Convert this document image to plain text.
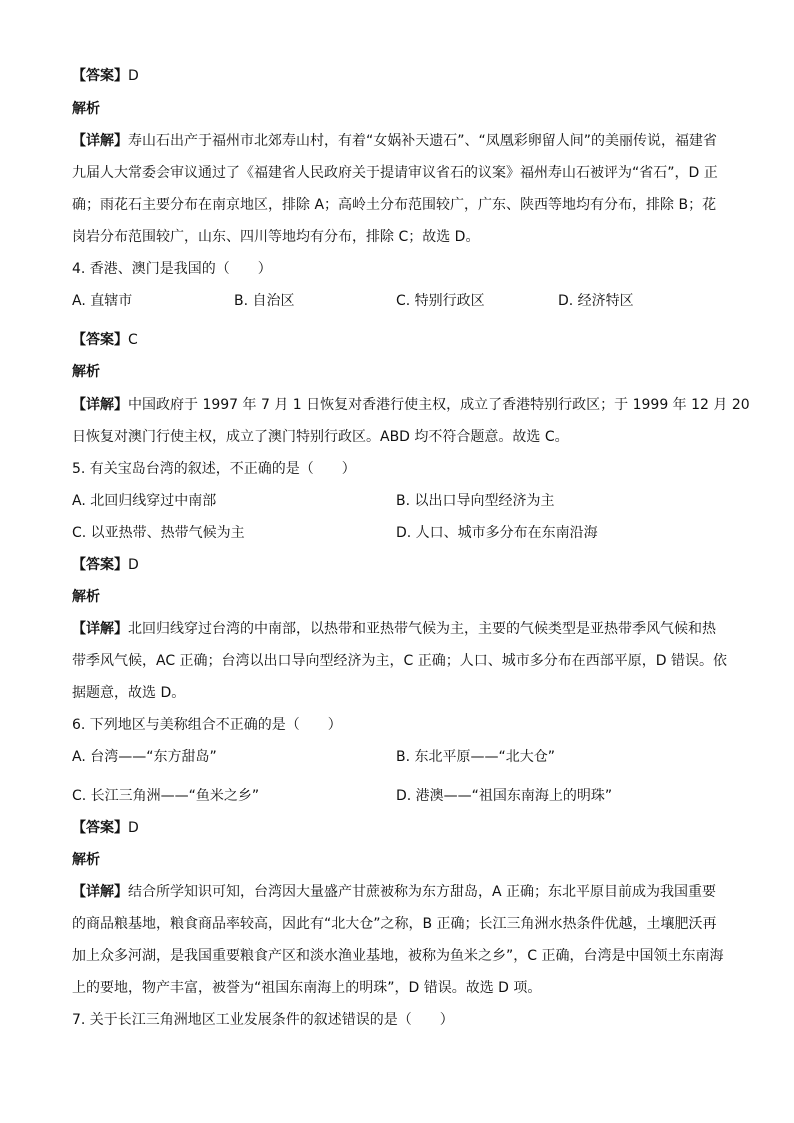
【答案】D
解析
【详解】寿山石出产于福州市北郊寿山村，有着“女娲补天遗石”、“凤凰彩卵留人间”的美丽传说，福建省
九届人大常委会审议通过了《福建省人民政府关于提请审议省石的议案》福州寿山石被评为“省石”，D 正
确；雨花石主要分布在南京地区，排除 A；高岭土分布范围较广，广东、陕西等地均有分布，排除 B；花
岗岩分布范围较广，山东、四川等地均有分布，排除 C；故选 D。
4. 香港、澳门是我国的（　　）
A. 直辖市	B. 自治区	C. 特别行政区	D. 经济特区
【答案】C
解析
【详解】中国政府于 1997 年 7 月 1 日恢复对香港行使主权，成立了香港特别行政区；于 1999 年 12 月 20
日恢复对澳门行使主权，成立了澳门特别行政区。ABD 均不符合题意。故选 C。
5. 有关宝岛台湾的叙述，不正确的是（　　）
A. 北回归线穿过中南部	B. 以出口导向型经济为主
C. 以亚热带、热带气候为主	D. 人口、城市多分布在东南沿海
【答案】D
解析
【详解】北回归线穿过台湾的中南部，以热带和亚热带气候为主，主要的气候类型是亚热带季风气候和热
带季风气候，AC 正确；台湾以出口导向型经济为主，C 正确；人口、城市多分布在西部平原，D 错误。依
据题意，故选 D。
6. 下列地区与美称组合不正确的是（　　）
A. 台湾——“东方甜岛”	B. 东北平原——“北大仓”
C. 长江三角洲——“鱼米之乡”	D. 港澳——“祖国东南海上的明珠”
【答案】D
解析
【详解】结合所学知识可知，台湾因大量盛产甘蔗被称为东方甜岛，A 正确；东北平原目前成为我国重要
的商品粮基地，粮食商品率较高，因此有“北大仓”之称，B 正确；长江三角洲水热条件优越，土壤肥沃再
加上众多河湖，是我国重要粮食产区和淡水渔业基地，被称为鱼米之乡”，C 正确，台湾是中国领土东南海
上的要地，物产丰富，被誉为“祖国东南海上的明珠”，D 错误。故选 D 项。
7. 关于长江三角洲地区工业发展条件的叙述错误的是（　　）
